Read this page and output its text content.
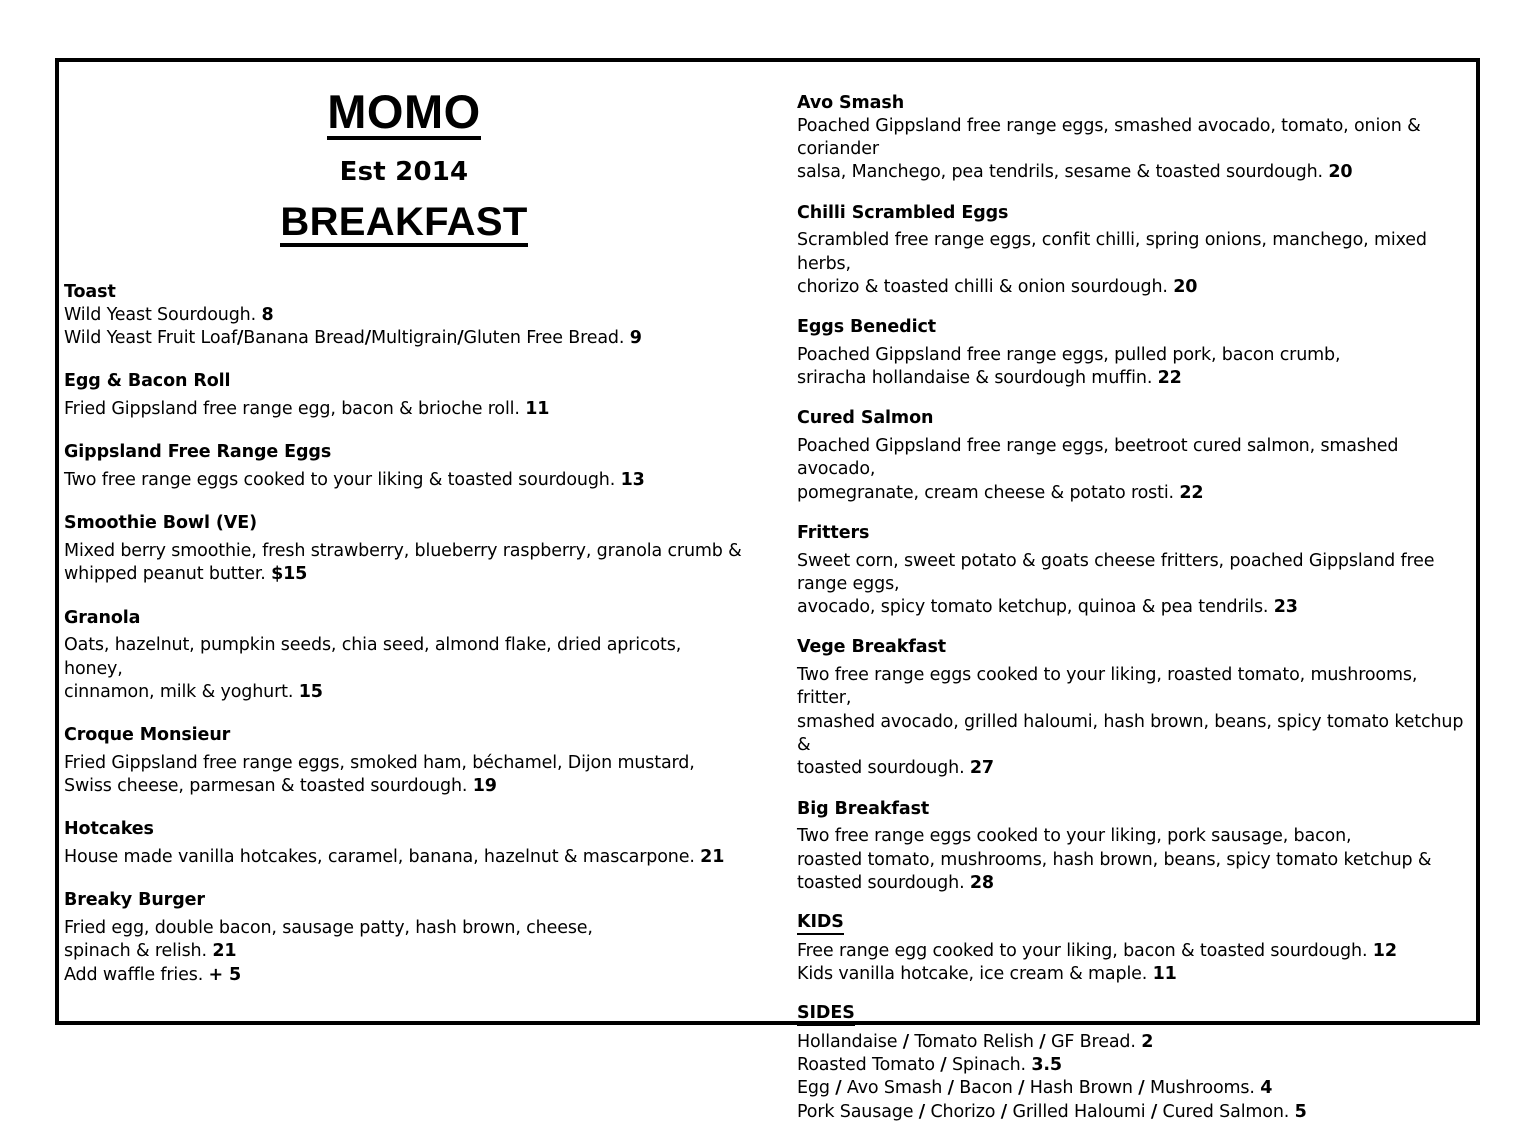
MOMO
Est 2014
BREAKFAST
Toast
Wild Yeast Sourdough. 8
Wild Yeast Fruit Loaf/Banana Bread/Multigrain/Gluten Free Bread. 9
Egg & Bacon Roll
Fried Gippsland free range egg, bacon & brioche roll. 11
Gippsland Free Range Eggs
Two free range eggs cooked to your liking & toasted sourdough. 13
Smoothie Bowl (VE)
Mixed berry smoothie, fresh strawberry, blueberry raspberry, granola crumb &
whipped peanut butter. $15
Granola
Oats, hazelnut, pumpkin seeds, chia seed, almond flake, dried apricots, honey,
cinnamon, milk & yoghurt. 15
Croque Monsieur
Fried Gippsland free range eggs, smoked ham, béchamel, Dijon mustard,
Swiss cheese, parmesan & toasted sourdough. 19
Hotcakes
House made vanilla hotcakes, caramel, banana, hazelnut & mascarpone. 21
Breaky Burger
Fried egg, double bacon, sausage patty, hash brown, cheese,
spinach & relish. 21
Add waffle fries. + 5
Avo Smash
Poached Gippsland free range eggs, smashed avocado, tomato, onion & coriander
salsa, Manchego, pea tendrils, sesame & toasted sourdough. 20
Chilli Scrambled Eggs
Scrambled free range eggs, confit chilli, spring onions, manchego, mixed herbs,
chorizo & toasted chilli & onion sourdough. 20
Eggs Benedict
Poached Gippsland free range eggs, pulled pork, bacon crumb,
sriracha hollandaise & sourdough muffin. 22
Cured Salmon
Poached Gippsland free range eggs, beetroot cured salmon, smashed avocado,
pomegranate, cream cheese & potato rosti. 22
Fritters
Sweet corn, sweet potato & goats cheese fritters, poached Gippsland free range eggs,
avocado, spicy tomato ketchup, quinoa & pea tendrils. 23
Vege Breakfast
Two free range eggs cooked to your liking, roasted tomato, mushrooms, fritter,
smashed avocado, grilled haloumi, hash brown, beans, spicy tomato ketchup &
toasted sourdough. 27
Big Breakfast
Two free range eggs cooked to your liking, pork sausage, bacon,
roasted tomato, mushrooms, hash brown, beans, spicy tomato ketchup &
toasted sourdough. 28
KIDS
Free range egg cooked to your liking, bacon & toasted sourdough. 12
Kids vanilla hotcake, ice cream & maple. 11
SIDES
Hollandaise / Tomato Relish / GF Bread. 2
Roasted Tomato / Spinach. 3.5
Egg / Avo Smash / Bacon / Hash Brown / Mushrooms. 4
Pork Sausage / Chorizo / Grilled Haloumi / Cured Salmon. 5
